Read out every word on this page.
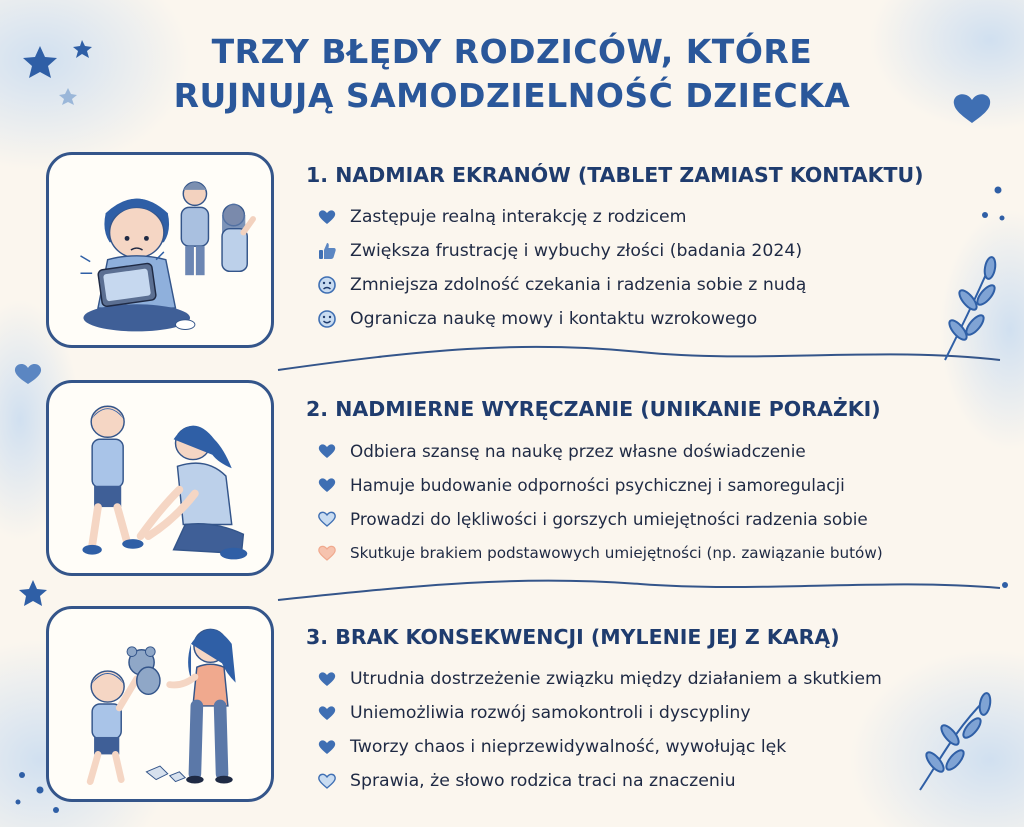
TRZY BŁĘDY RODZICÓW, KTÓRE
RUJNUJĄ SAMODZIELNOŚĆ DZIECKA
1. NADMIAR EKRANÓW (TABLET ZAMIAST KONTAKTU)
Zastępuje realną interakcję z rodzicem
Zwiększa frustrację i wybuchy złości (badania 2024)
Zmniejsza zdolność czekania i radzenia sobie z nudą
Ogranicza naukę mowy i kontaktu wzrokowego
2. NADMIERNE WYRĘCZANIE (UNIKANIE PORAŻKI)
Odbiera szansę na naukę przez własne doświadczenie
Hamuje budowanie odporności psychicznej i samoregulacji
Prowadzi do lękliwości i gorszych umiejętności radzenia sobie
Skutkuje brakiem podstawowych umiejętności (np. zawiązanie butów)
3. BRAK KONSEKWENCJI (MYLENIE JEJ Z KARĄ)
Utrudnia dostrzeżenie związku między działaniem a skutkiem
Uniemożliwia rozwój samokontroli i dyscypliny
Tworzy chaos i nieprzewidywalność, wywołując lęk
Sprawia, że słowo rodzica traci na znaczeniu
